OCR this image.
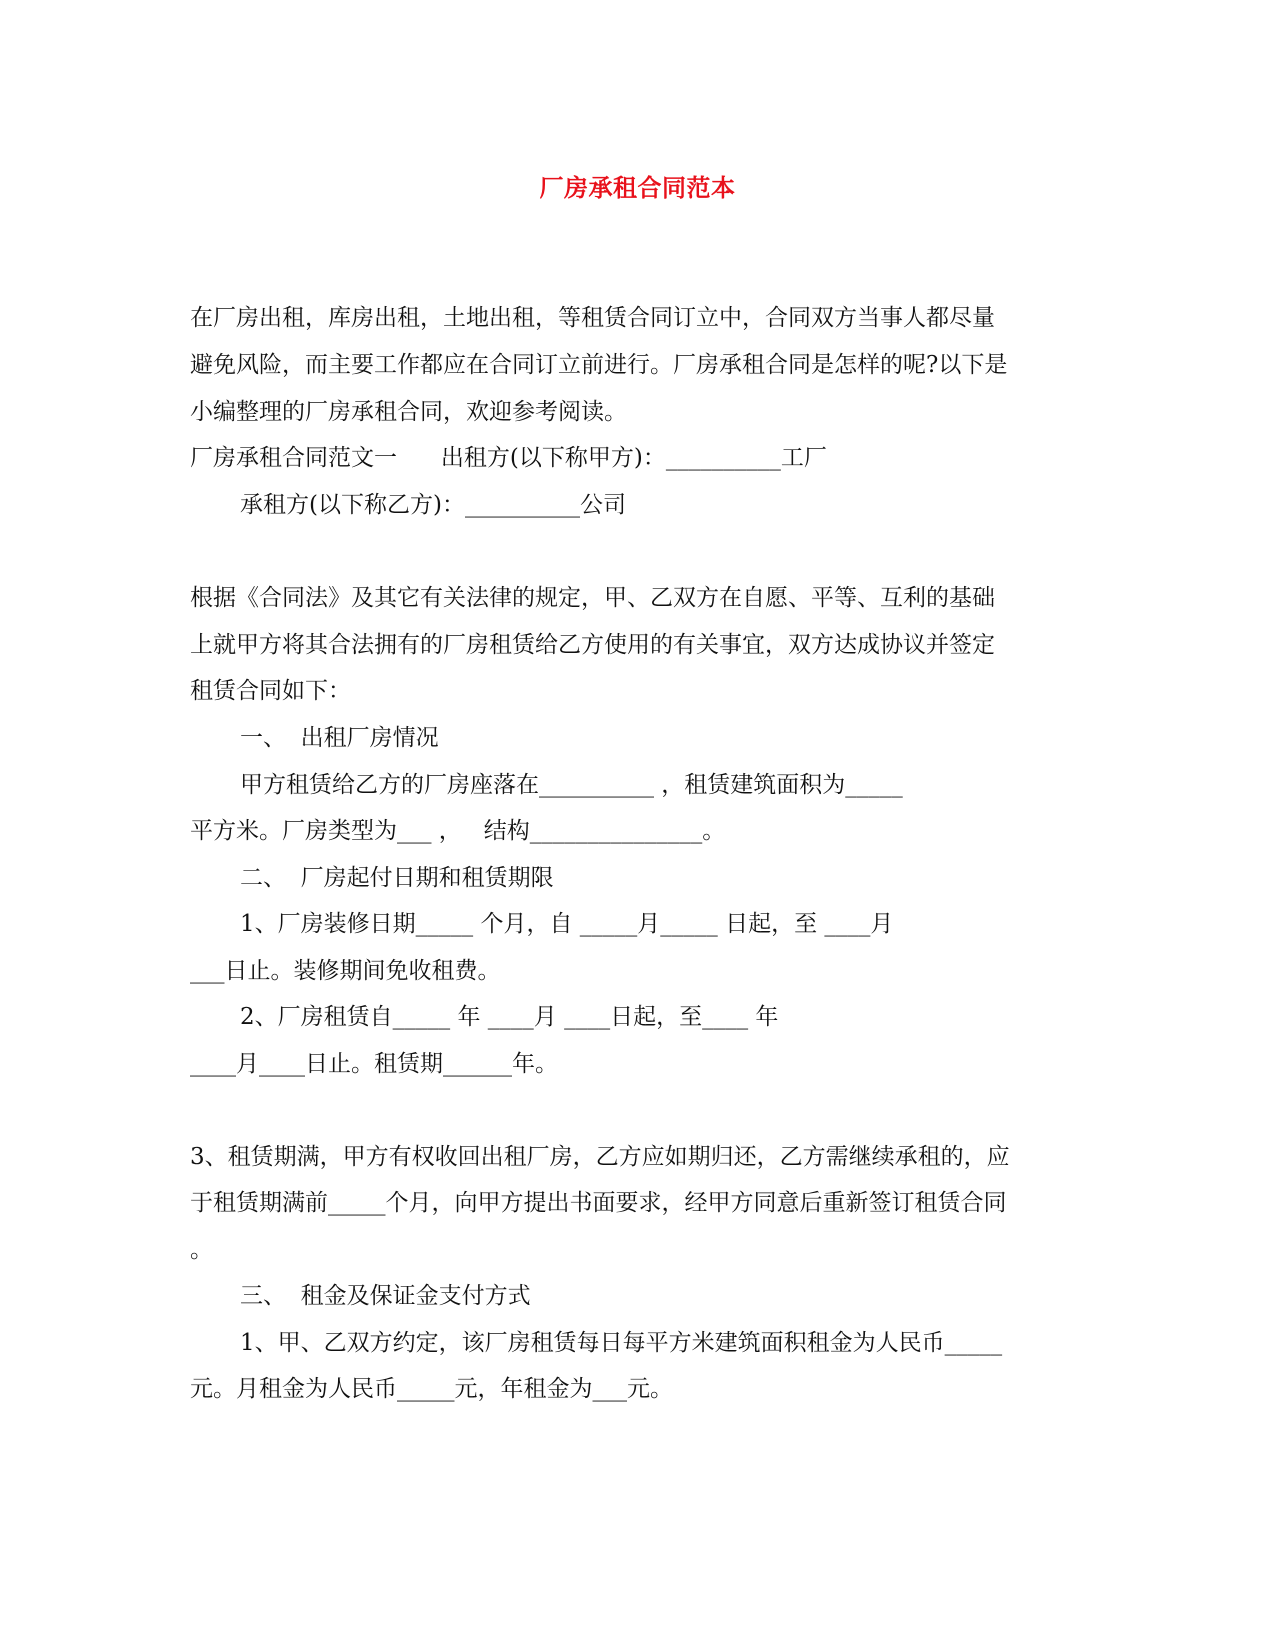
厂房承租合同范本
在厂房出租，库房出租，土地出租，等租赁合同订立中，合同双方当事人都尽量
避免风险，而主要工作都应在合同订立前进行。厂房承租合同是怎样的呢?以下是
小编整理的厂房承租合同，欢迎参考阅读。
厂房承租合同范文一      出租方(以下称甲方)：__________工厂
承租方(以下称乙方)：__________公司
根据《合同法》及其它有关法律的规定，甲、乙双方在自愿、平等、互利的基础
上就甲方将其合法拥有的厂房租赁给乙方使用的有关事宜，双方达成协议并签定
租赁合同如下：
一、  出租厂房情况
甲方租赁给乙方的厂房座落在__________ ，租赁建筑面积为_____
平方米。厂房类型为___ ，   结构_______________。
二、  厂房起付日期和租赁期限
1、厂房装修日期_____ 个月，自 _____月_____ 日起，至 ____月
___日止。装修期间免收租费。
2、厂房租赁自_____ 年 ____月 ____日起，至____ 年
____月____日止。租赁期______年。
3、租赁期满，甲方有权收回出租厂房，乙方应如期归还，乙方需继续承租的，应
于租赁期满前_____个月，向甲方提出书面要求，经甲方同意后重新签订租赁合同
。
三、  租金及保证金支付方式
1、甲、乙双方约定，该厂房租赁每日每平方米建筑面积租金为人民币_____
元。月租金为人民币_____元，年租金为___元。
